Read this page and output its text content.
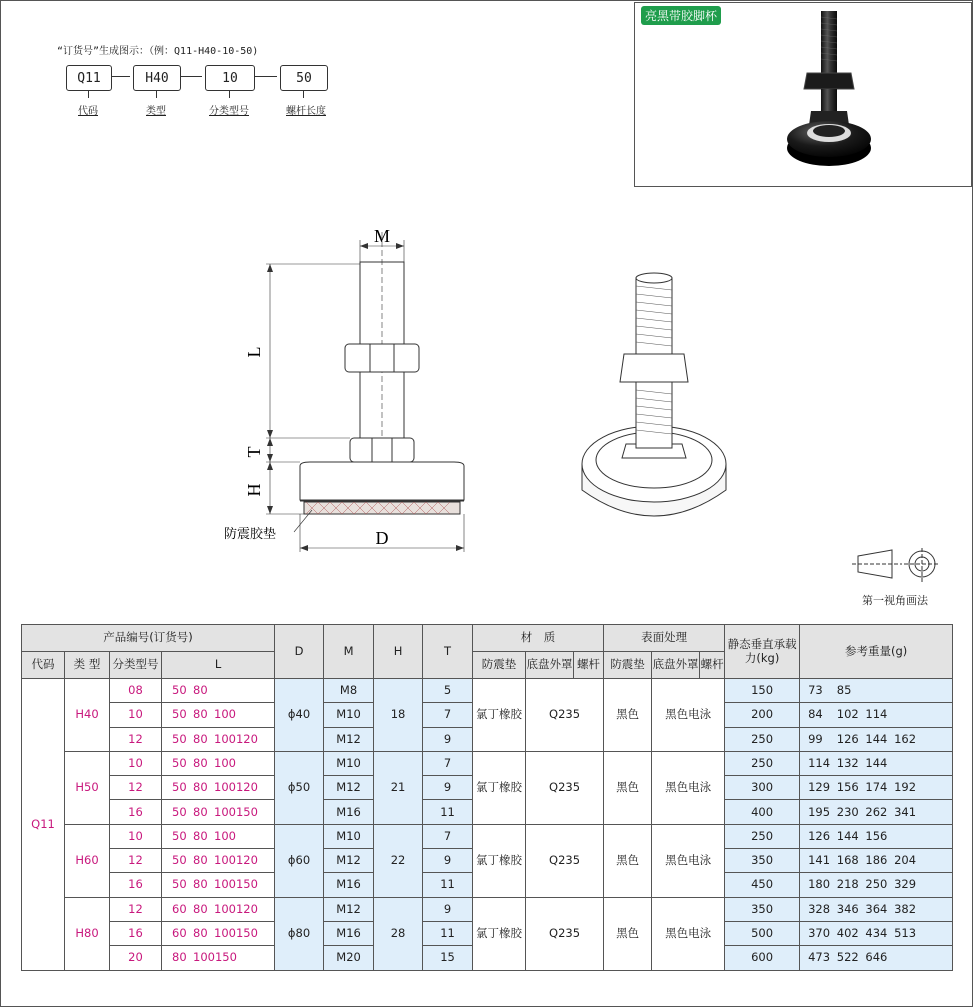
“订货号”生成图示：（例：Q11-H40-10-50)
Q11	H40	10	50
代码	类型	分类型号	螺杆长度
亮黑带胶脚杯
M
L
T
H
D
防震胶垫
第一视角画法
产品编号(订货号)				D	M	H	T	材　质			表面处理			静态垂直承载力(kg)	参考重量(g)
代码	类 型	分类型号	L					防震垫	底盘外罩	螺杆	防震垫	底盘外罩	螺杆		
Q11	H40	08	50 80	ϕ40	M8	18	5	氯丁橡胶	Q235		黑色	黑色电泳		150	73 85
		10	50 80 100		M10		7							200	84 102 114
		12	50 80 100120		M12		9							250	99 126 144 162
	H50	10	50 80 100	ϕ50	M10	21	7	氯丁橡胶	Q235		黑色	黑色电泳		250	114 132 144
		12	50 80 100120		M12		9							300	129 156 174 192
		16	50 80 100150		M16		11							400	195 230 262 341
	H60	10	50 80 100	ϕ60	M10	22	7	氯丁橡胶	Q235		黑色	黑色电泳		250	126 144 156
		12	50 80 100120		M12		9							350	141 168 186 204
		16	50 80 100150		M16		11							450	180 218 250 329
	H80	12	60 80 100120	ϕ80	M12	28	9	氯丁橡胶	Q235		黑色	黑色电泳		350	328 346 364 382
		16	60 80 100150		M16		11							500	370 402 434 513
		20	80 100150		M20		15							600	473 522 646
